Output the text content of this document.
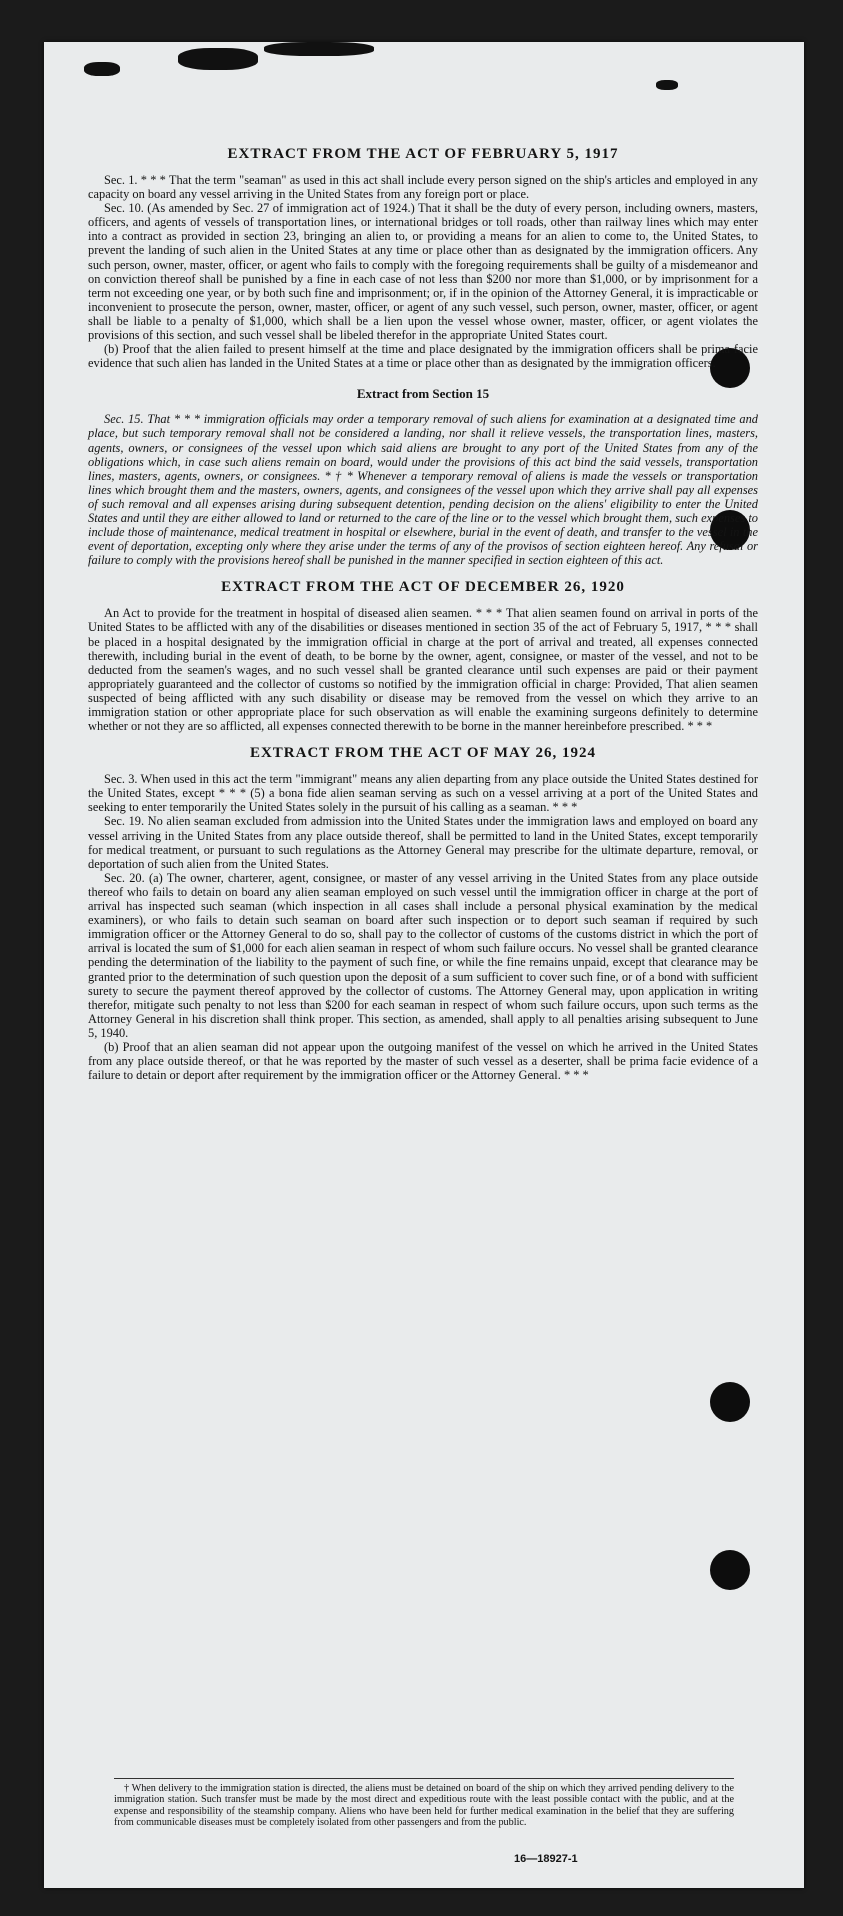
EXTRACT FROM THE ACT OF FEBRUARY 5, 1917

Sec. 1. * * * That the term "seaman" as used in this act shall include every person signed on the ship's articles and employed in any capacity on board any vessel arriving in the United States from any foreign port or place.

Sec. 10. (As amended by Sec. 27 of immigration act of 1924.) That it shall be the duty of every person, including owners, masters, officers, and agents of vessels of transportation lines, or international bridges or toll roads, other than railway lines which may enter into a contract as provided in section 23, bringing an alien to, or providing a means for an alien to come to, the United States, to prevent the landing of such alien in the United States at any time or place other than as designated by the immigration officers. Any such person, owner, master, officer, or agent who fails to comply with the foregoing requirements shall be guilty of a misdemeanor and on conviction thereof shall be punished by a fine in each case of not less than $200 nor more than $1,000, or by imprisonment for a term not exceeding one year, or by both such fine and imprisonment; or, if in the opinion of the Attorney General, it is impracticable or inconvenient to prosecute the person, owner, master, officer, or agent of any such vessel, such person, owner, master, officer, or agent shall be liable to a penalty of $1,000, which shall be a lien upon the vessel whose owner, master, officer, or agent violates the provisions of this section, and such vessel shall be libeled therefor in the appropriate United States court.

(b) Proof that the alien failed to present himself at the time and place designated by the immigration officers shall be prima facie evidence that such alien has landed in the United States at a time or place other than as designated by the immigration officers.

Extract from Section 15

Sec. 15. That * * * immigration officials may order a temporary removal of such aliens for examination at a designated time and place, but such temporary removal shall not be considered a landing, nor shall it relieve vessels, the transportation lines, masters, agents, owners, or consignees of the vessel upon which said aliens are brought to any port of the United States from any of the obligations which, in case such aliens remain on board, would under the provisions of this act bind the said vessels, transportation lines, masters, agents, owners, or consignees. * † * Whenever a temporary removal of aliens is made the vessels or transportation lines which brought them and the masters, owners, agents, and consignees of the vessel upon which they arrive shall pay all expenses of such removal and all expenses arising during subsequent detention, pending decision on the aliens' eligibility to enter the United States and until they are either allowed to land or returned to the care of the line or to the vessel which brought them, such expenses to include those of maintenance, medical treatment in hospital or elsewhere, burial in the event of death, and transfer to the vessel in the event of deportation, excepting only where they arise under the terms of any of the provisos of section eighteen hereof. Any refusal or failure to comply with the provisions hereof shall be punished in the manner specified in section eighteen of this act.

EXTRACT FROM THE ACT OF DECEMBER 26, 1920

An Act to provide for the treatment in hospital of diseased alien seamen. * * * That alien seamen found on arrival in ports of the United States to be afflicted with any of the disabilities or diseases mentioned in section 35 of the act of February 5, 1917, * * * shall be placed in a hospital designated by the immigration official in charge at the port of arrival and treated, all expenses connected therewith, including burial in the event of death, to be borne by the owner, agent, consignee, or master of the vessel, and not to be deducted from the seamen's wages, and no such vessel shall be granted clearance until such expenses are paid or their payment appropriately guaranteed and the collector of customs so notified by the immigration official in charge: Provided, That alien seamen suspected of being afflicted with any such disability or disease may be removed from the vessel on which they arrive to an immigration station or other appropriate place for such observation as will enable the examining surgeons definitely to determine whether or not they are so afflicted, all expenses connected therewith to be borne in the manner hereinbefore prescribed. * * *

EXTRACT FROM THE ACT OF MAY 26, 1924

Sec. 3. When used in this act the term "immigrant" means any alien departing from any place outside the United States destined for the United States, except * * * (5) a bona fide alien seaman serving as such on a vessel arriving at a port of the United States and seeking to enter temporarily the United States solely in the pursuit of his calling as a seaman. * * *

Sec. 19. No alien seaman excluded from admission into the United States under the immigration laws and employed on board any vessel arriving in the United States from any place outside thereof, shall be permitted to land in the United States, except temporarily for medical treatment, or pursuant to such regulations as the Attorney General may prescribe for the ultimate departure, removal, or deportation of such alien from the United States.

Sec. 20. (a) The owner, charterer, agent, consignee, or master of any vessel arriving in the United States from any place outside thereof who fails to detain on board any alien seaman employed on such vessel until the immigration officer in charge at the port of arrival has inspected such seaman (which inspection in all cases shall include a personal physical examination by the medical examiners), or who fails to detain such seaman on board after such inspection or to deport such seaman if required by such immigration officer or the Attorney General to do so, shall pay to the collector of customs of the customs district in which the port of arrival is located the sum of $1,000 for each alien seaman in respect of whom such failure occurs. No vessel shall be granted clearance pending the determination of the liability to the payment of such fine, or while the fine remains unpaid, except that clearance may be granted prior to the determination of such question upon the deposit of a sum sufficient to cover such fine, or of a bond with sufficient surety to secure the payment thereof approved by the collector of customs. The Attorney General may, upon application in writing therefor, mitigate such penalty to not less than $200 for each seaman in respect of whom such failure occurs, upon such terms as the Attorney General in his discretion shall think proper. This section, as amended, shall apply to all penalties arising subsequent to June 5, 1940.

(b) Proof that an alien seaman did not appear upon the outgoing manifest of the vessel on which he arrived in the United States from any place outside thereof, or that he was reported by the master of such vessel as a deserter, shall be prima facie evidence of a failure to detain or deport after requirement by the immigration officer or the Attorney General. * * *

† When delivery to the immigration station is directed, the aliens must be detained on board of the ship on which they arrived pending delivery to the immigration station. Such transfer must be made by the most direct and expeditious route with the least possible contact with the public, and at the expense and responsibility of the steamship company. Aliens who have been held for further medical examination in the belief that they are suffering from communicable diseases must be completely isolated from other passengers and from the public.

16—18927-1
